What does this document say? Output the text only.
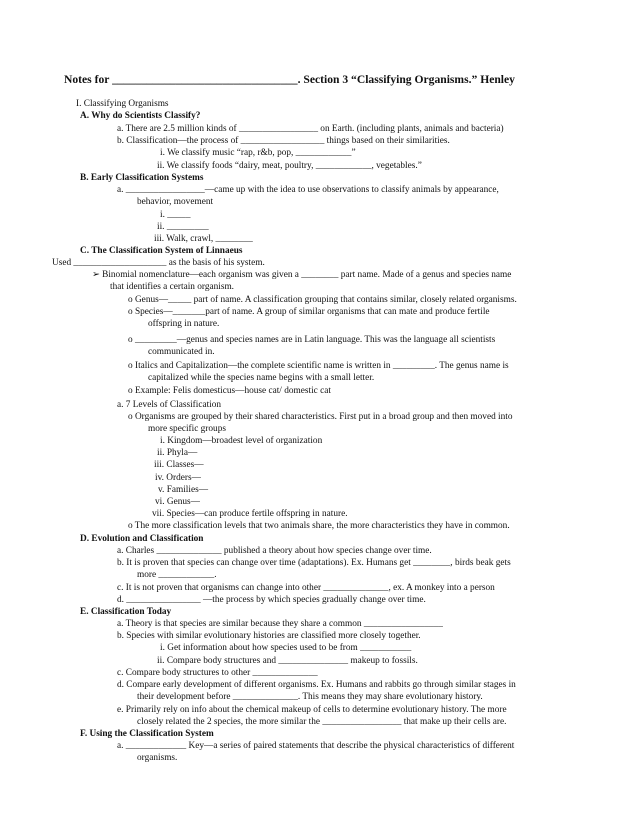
Notes for ________________________________. Section 3 “Classifying Organisms.” Henley
I. Classifying Organisms
A. Why do Scientists Classify?
a. There are 2.5 million kinds of _________________ on Earth. (including plants, animals and bacteria)
b. Classification—the process of __________________ things based on their similarities.
i. We classify music “rap, r&b, pop, ____________”
ii. We classify foods “dairy, meat, poultry, ____________, vegetables.”
B. Early Classification Systems
a. _________________—came up with the idea to use observations to classify animals by appearance,
behavior, movement
i. _____
ii. _________
iii. Walk, crawl, ________
C. The Classification System of Linnaeus
Used ____________________ as the basis of his system.
➢ Binomial nomenclature—each organism was given a ________ part name. Made of a genus and species name
that identifies a certain organism.
o Genus—_____ part of name. A classification grouping that contains similar, closely related organisms.
o Species—_______part of name. A group of similar organisms that can mate and produce fertile
offspring in nature.
o _________—genus and species names are in Latin language. This was the language all scientists
communicated in.
o Italics and Capitalization—the complete scientific name is written in _________. The genus name is
capitalized while the species name begins with a small letter.
o Example: Felis domesticus—house cat/ domestic cat
a. 7 Levels of Classification
o Organisms are grouped by their shared characteristics. First put in a broad group and then moved into
more specific groups
i. Kingdom—broadest level of organization
ii. Phyla—
iii. Classes—
iv. Orders—
v. Families—
vi. Genus—
vii. Species—can produce fertile offspring in nature.
o The more classification levels that two animals share, the more characteristics they have in common.
D. Evolution and Classification
a. Charles ______________ published a theory about how species change over time.
b. It is proven that species can change over time (adaptations). Ex. Humans get ________, birds beak gets
more ____________.
c. It is not proven that organisms can change into other ______________, ex. A monkey into a person
d. ________________ —the process by which species gradually change over time.
E. Classification Today
a. Theory is that species are similar because they share a common _________________
b. Species with similar evolutionary histories are classified more closely together.
i. Get information about how species used to be from ___________
ii. Compare body structures and _______________ makeup to fossils.
c. Compare body structures to other ______________
d. Compare early development of different organisms. Ex. Humans and rabbits go through similar stages in
their development before ______________. This means they may share evolutionary history.
e. Primarily rely on info about the chemical makeup of cells to determine evolutionary history. The more
closely related the 2 species, the more similar the _________________ that make up their cells are.
F. Using the Classification System
a. _____________ Key—a series of paired statements that describe the physical characteristics of different
organisms.
